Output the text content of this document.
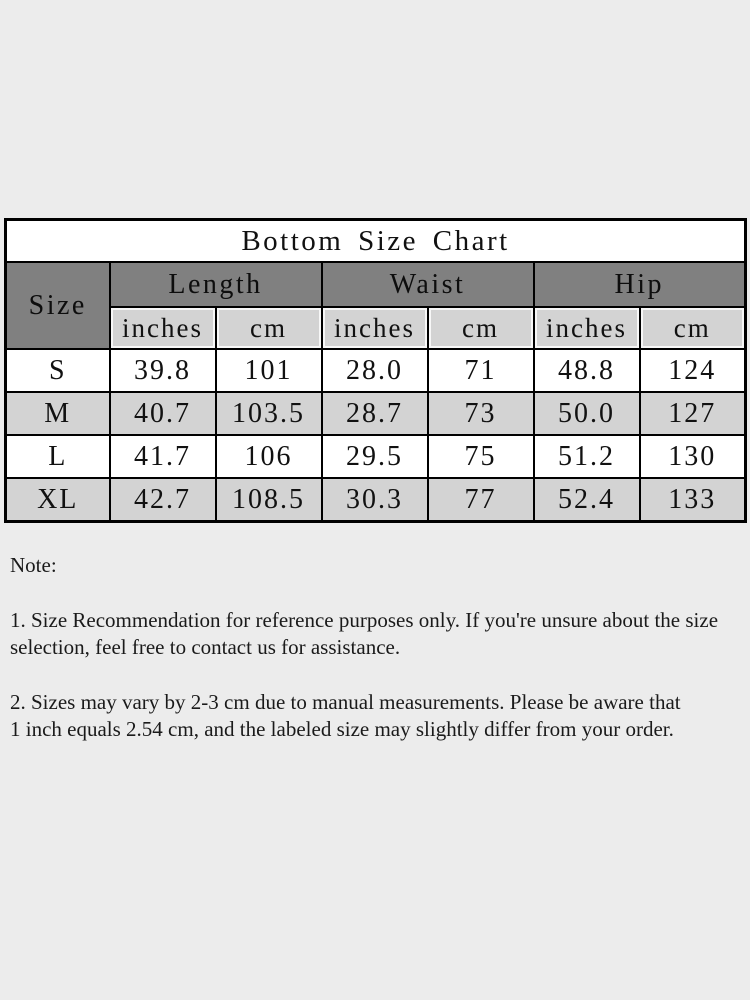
Bottom Size Chart						
Size	Length		Waist		Hip	
	inches	cm	inches	cm	inches	cm
S	39.8	101	28.0	71	48.8	124
M	40.7	103.5	28.7	73	50.0	127
L	41.7	106	29.5	75	51.2	130
XL	42.7	108.5	30.3	77	52.4	133
Note:
1. Size Recommendation for reference purposes only. If you're unsure about the size
selection, feel free to contact us for assistance.
2. Sizes may vary by 2-3 cm due to manual measurements. Please be aware that
1 inch equals 2.54 cm, and the labeled size may slightly differ from your order.
